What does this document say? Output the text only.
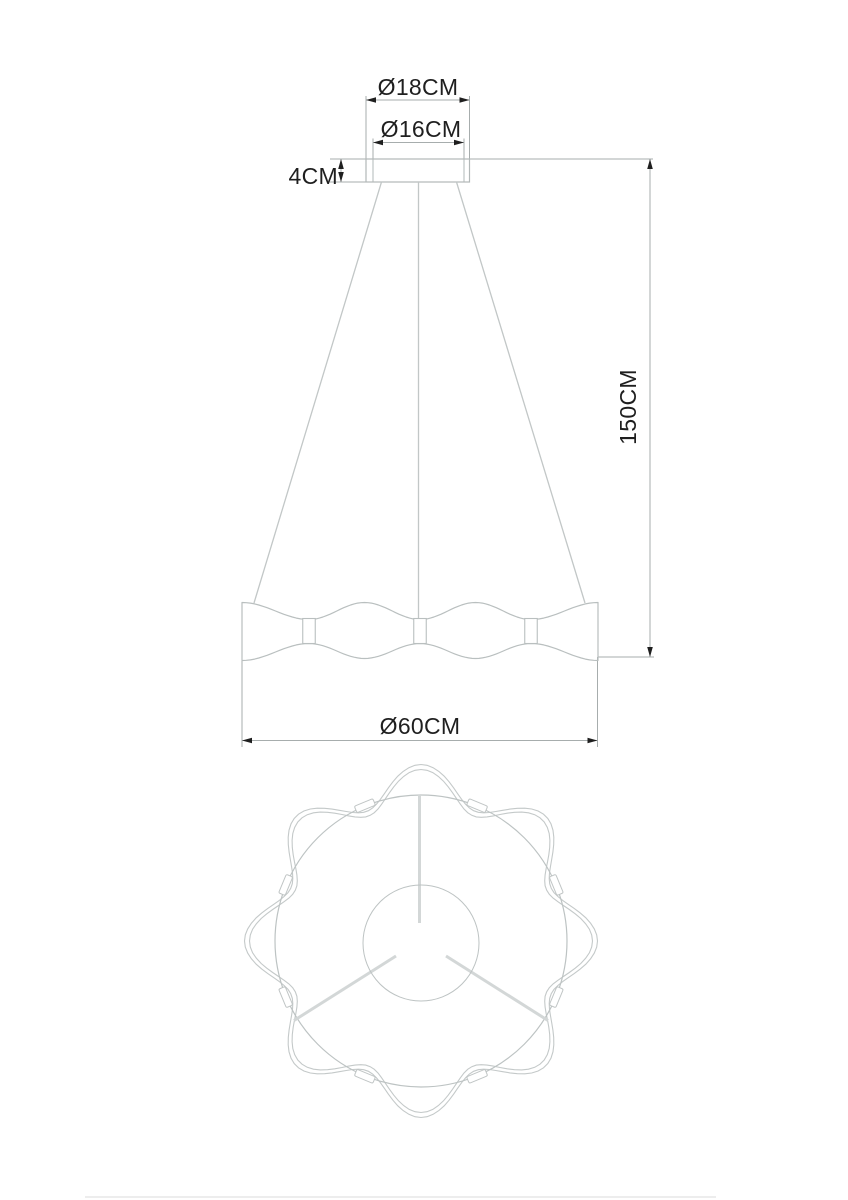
Ø18CM
Ø16CM
4CM
150CM
Ø60CM
